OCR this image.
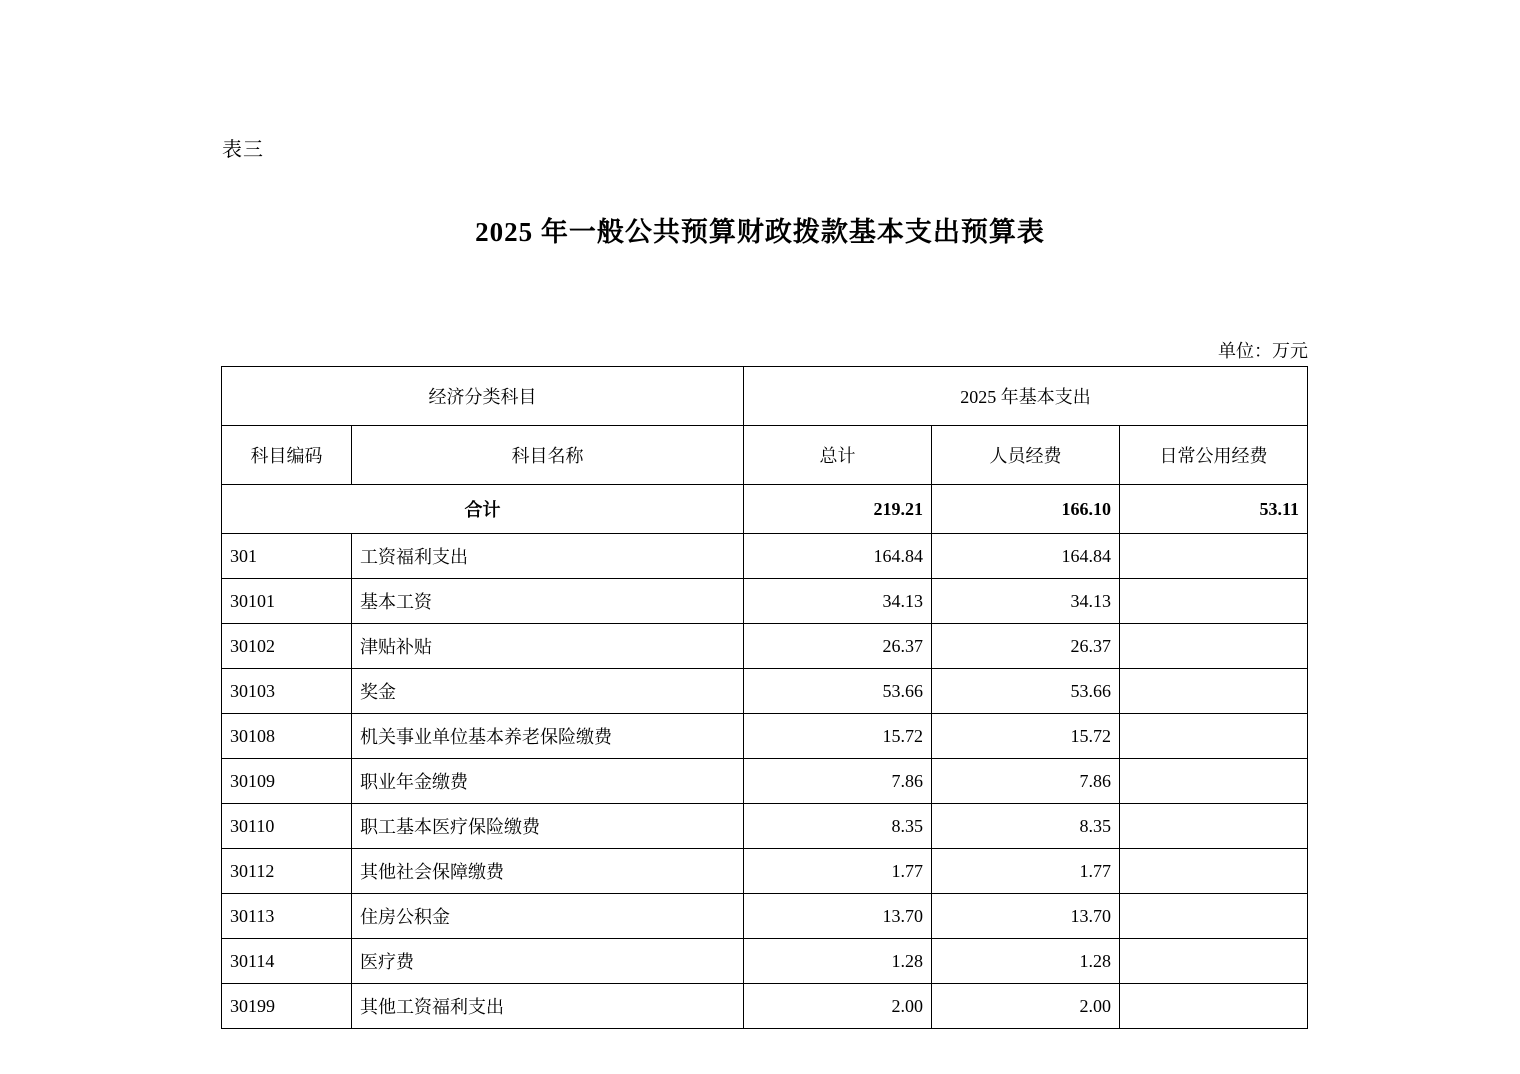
表三
2025 年一般公共预算财政拨款基本支出预算表
单位：万元
经济分类科目		2025 年基本支出		
科目编码	科目名称	总计	人员经费	日常公用经费
合计		219.21	166.10	53.11
301	工资福利支出	164.84	164.84	
30101	基本工资	34.13	34.13	
30102	津贴补贴	26.37	26.37	
30103	奖金	53.66	53.66	
30108	机关事业单位基本养老保险缴费	15.72	15.72	
30109	职业年金缴费	7.86	7.86	
30110	职工基本医疗保险缴费	8.35	8.35	
30112	其他社会保障缴费	1.77	1.77	
30113	住房公积金	13.70	13.70	
30114	医疗费	1.28	1.28	
30199	其他工资福利支出	2.00	2.00	
